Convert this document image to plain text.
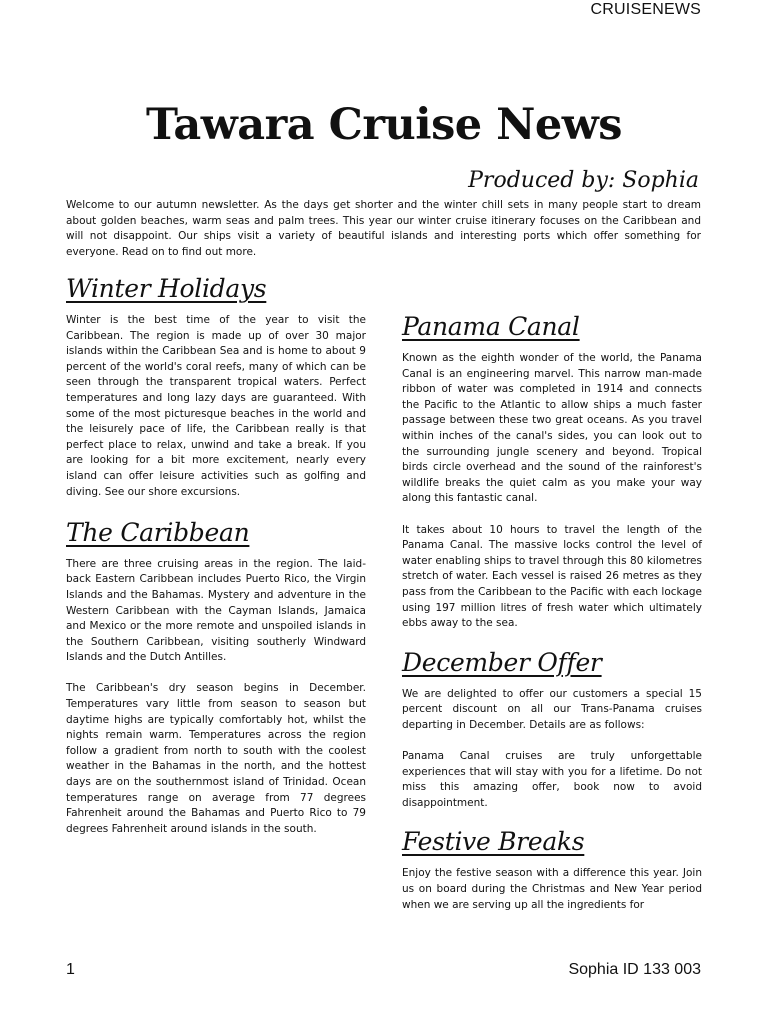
CRUISENEWS
Tawara Cruise News
Produced by: Sophia

Welcome to our autumn newsletter. As the days get shorter and the winter chill sets in many people start to dream about golden beaches, warm seas and palm trees. This year our winter cruise itinerary focuses on the Caribbean and will not disappoint. Our ships visit a variety of beautiful islands and interesting ports which offer something for everyone. Read on to find out more.

Winter Holidays

Winter is the best time of the year to visit the Caribbean. The region is made up of over 30 major islands within the Caribbean Sea and is home to about 9 percent of the world's coral reefs, many of which can be seen through the transparent tropical waters. Perfect temperatures and long lazy days are guaranteed. With some of the most picturesque beaches in the world and the leisurely pace of life, the Caribbean really is that perfect place to relax, unwind and take a break. If you are looking for a bit more excitement, nearly every island can offer leisure activities such as golfing and diving. See our shore excursions.

The Caribbean

There are three cruising areas in the region. The laid-back Eastern Caribbean includes Puerto Rico, the Virgin Islands and the Bahamas. Mystery and adventure in the Western Caribbean with the Cayman Islands, Jamaica and Mexico or the more remote and unspoiled islands in the Southern Caribbean, visiting southerly Windward Islands and the Dutch Antilles.

The Caribbean's dry season begins in December. Temperatures vary little from season to season but daytime highs are typically comfortably hot, whilst the nights remain warm. Temperatures across the region follow a gradient from north to south with the coolest weather in the Bahamas in the north, and the hottest days are on the southernmost island of Trinidad. Ocean temperatures range on average from 77 degrees Fahrenheit around the Bahamas and Puerto Rico to 79 degrees Fahrenheit around islands in the south.

Panama Canal

Known as the eighth wonder of the world, the Panama Canal is an engineering marvel. This narrow man-made ribbon of water was completed in 1914 and connects the Pacific to the Atlantic to allow ships a much faster passage between these two great oceans. As you travel within inches of the canal's sides, you can look out to the surrounding jungle scenery and beyond. Tropical birds circle overhead and the sound of the rainforest's wildlife breaks the quiet calm as you make your way along this fantastic canal.

It takes about 10 hours to travel the length of the Panama Canal. The massive locks control the level of water enabling ships to travel through this 80 kilometres stretch of water. Each vessel is raised 26 metres as they pass from the Caribbean to the Pacific with each lockage using 197 million litres of fresh water which ultimately ebbs away to the sea.

December Offer

We are delighted to offer our customers a special 15 percent discount on all our Trans-Panama cruises departing in December. Details are as follows:

Panama Canal cruises are truly unforgettable experiences that will stay with you for a lifetime. Do not miss this amazing offer, book now to avoid disappointment.

Festive Breaks

Enjoy the festive season with a difference this year. Join us on board during the Christmas and New Year period when we are serving up all the ingredients for

1	Sophia ID 133 003
